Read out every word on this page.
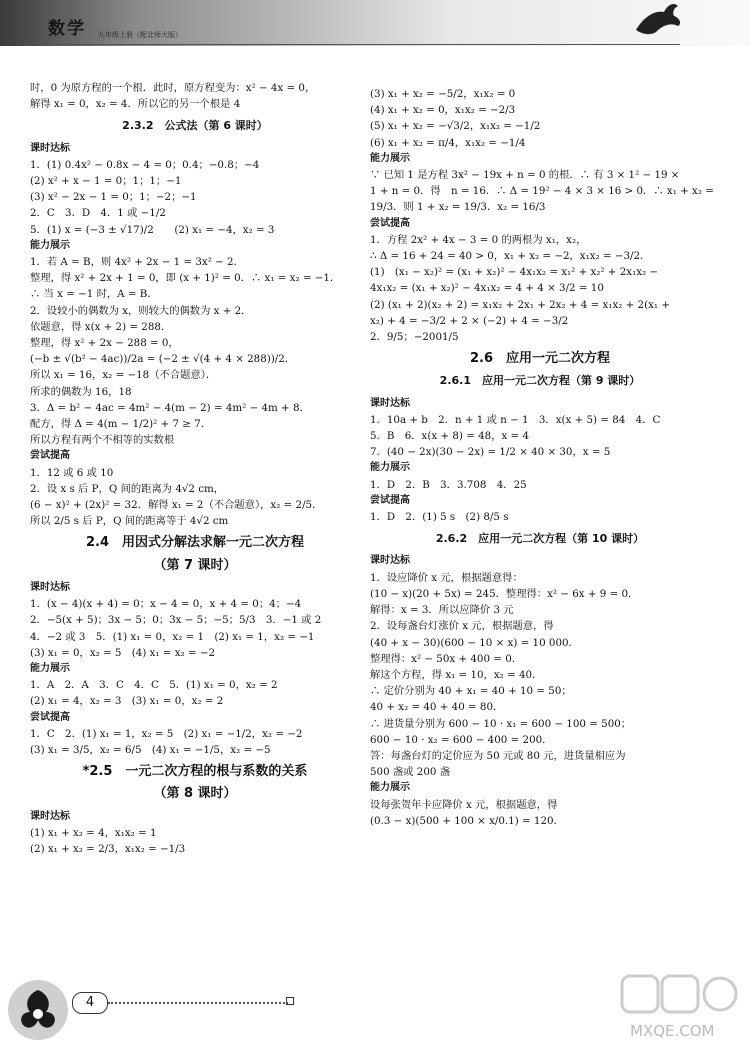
数学 九年级上册（配北师大版）

时，0 为原方程的一个根．此时，原方程变为：x² − 4x = 0，

解得 x₁ = 0，x₂ = 4．所以它的另一个根是 4

2.3.2　公式法（第 6 课时）

课时达标

1．(1) 0.4x² − 0.8x − 4 = 0；0.4；−0.8；−4

(2) x² + x − 1 = 0；1；1；−1

(3) x² − 2x − 1 = 0；1；−2；−1

2．C　3．D　4．1 或 −1/2

5．(1) x = (−3 ± √17)/2　　(2) x₁ = −4，x₂ = 3

能力展示

1．若 A = B，则 4x² + 2x − 1 = 3x² − 2．

整理，得 x² + 2x + 1 = 0，即 (x + 1)² = 0．∴ x₁ = x₂ = −1．

∴ 当 x = −1 时，A = B．

2．设较小的偶数为 x，则较大的偶数为 x + 2．

依题意，得 x(x + 2) = 288．

整理，得 x² + 2x − 288 = 0，

(−b ± √(b² − 4ac))/2a = (−2 ± √(4 + 4 × 288))/2．

所以 x₁ = 16，x₂ = −18（不合题意）．

所求的偶数为 16，18

3．Δ = b² − 4ac = 4m² − 4(m − 2) = 4m² − 4m + 8．

配方，得 Δ = 4(m − 1/2)² + 7 ≥ 7．

所以方程有两个不相等的实数根

尝试提高

1．12 或 6 或 10

2．设 x s 后 P，Q 间的距离为 4√2 cm，

(6 − x)² + (2x)² = 32．解得 x₁ = 2（不合题意），x₂ = 2/5．

所以 2/5 s 后 P，Q 间的距离等于 4√2 cm

2.4　用因式分解法求解一元二次方程

（第 7 课时）

课时达标

1．(x − 4)(x + 4) = 0；x − 4 = 0，x + 4 = 0；4；−4

2．−5(x + 5)；3x − 5；0；3x − 5；−5；5/3　3．−1 或 2

4．−2 或 3　5．(1) x₁ = 0，x₂ = 1　(2) x₁ = 1，x₂ = −1

(3) x₁ = 0，x₂ = 5　(4) x₁ = x₂ = −2

能力展示

1．A　2．A　3．C　4．C　5．(1) x₁ = 0，x₂ = 2

(2) x₁ = 4，x₂ = 3　(3) x₁ = 0，x₂ = 2

尝试提高

1．C　2．(1) x₁ = 1，x₂ = 5　(2) x₁ = −1/2，x₂ = −2

(3) x₁ = 3/5，x₂ = 6/5　(4) x₁ = −1/5，x₂ = −5

*2.5　一元二次方程的根与系数的关系

（第 8 课时）

课时达标

(1) x₁ + x₂ = 4，x₁x₂ = 1

(2) x₁ + x₂ = 2/3，x₁x₂ = −1/3

(3) x₁ + x₂ = −5/2，x₁x₂ = 0

(4) x₁ + x₂ = 0，x₁x₂ = −2/3

(5) x₁ + x₂ = −√3/2，x₁x₂ = −1/2

(6) x₁ + x₂ = π/4，x₁x₂ = −1/4

能力展示

∵ 已知 1 是方程 3x² − 19x + n = 0 的根．∴ 有 3 × 1² − 19 ×

1 + n = 0．得　n = 16．∴ Δ = 19² − 4 × 3 × 16 > 0．∴ x₁ + x₂ =

19/3．则 1 + x₂ = 19/3．x₂ = 16/3

尝试提高

1．方程 2x² + 4x − 3 = 0 的两根为 x₁，x₂，

∴ Δ = 16 + 24 = 40 > 0，x₁ + x₂ = −2，x₁x₂ = −3/2．

(1)　(x₁ − x₂)² = (x₁ + x₂)² − 4x₁x₂ = x₁² + x₂² + 2x₁x₂ −

4x₁x₂ = (x₁ + x₂)² − 4x₁x₂ = 4 + 4 × 3/2 = 10

(2) (x₁ + 2)(x₂ + 2) = x₁x₂ + 2x₁ + 2x₂ + 4 = x₁x₂ + 2(x₁ +

x₂) + 4 = −3/2 + 2 × (−2) + 4 = −3/2

2．9/5；−2001/5

2.6　应用一元二次方程

2.6.1　应用一元二次方程（第 9 课时）

课时达标

1．10a + b　2．n + 1 或 n − 1　3．x(x + 5) = 84　4．C

5．B　6．x(x + 8) = 48，x = 4

7．(40 − 2x)(30 − 2x) = 1/2 × 40 × 30，x = 5

能力展示

1．D　2．B　3．3.708　4．25

尝试提高

1．D　2．(1) 5 s　(2) 8/5 s

2.6.2　应用一元二次方程（第 10 课时）

课时达标

1．设应降价 x 元，根据题意得：

(10 − x)(20 + 5x) = 245．整理得：x² − 6x + 9 = 0．

解得：x = 3．所以应降价 3 元

2．设每盏台灯涨价 x 元，根据题意，得

(40 + x − 30)(600 − 10 × x) = 10 000．

整理得：x² − 50x + 400 = 0．

解这个方程，得 x₁ = 10，x₂ = 40．

∴ 定价分别为 40 + x₁ = 40 + 10 = 50；

40 + x₂ = 40 + 40 = 80．

∴ 进货量分别为 600 − 10 · x₁ = 600 − 100 = 500；

600 − 10 · x₂ = 600 − 400 = 200．

答：每盏台灯的定价应为 50 元或 80 元，进货量相应为

500 盏或 200 盏

能力展示

设每张贺年卡应降价 x 元，根据题意，得

(0.3 − x)(500 + 100 × x/0.1) = 120．

4
MXQE.COM
